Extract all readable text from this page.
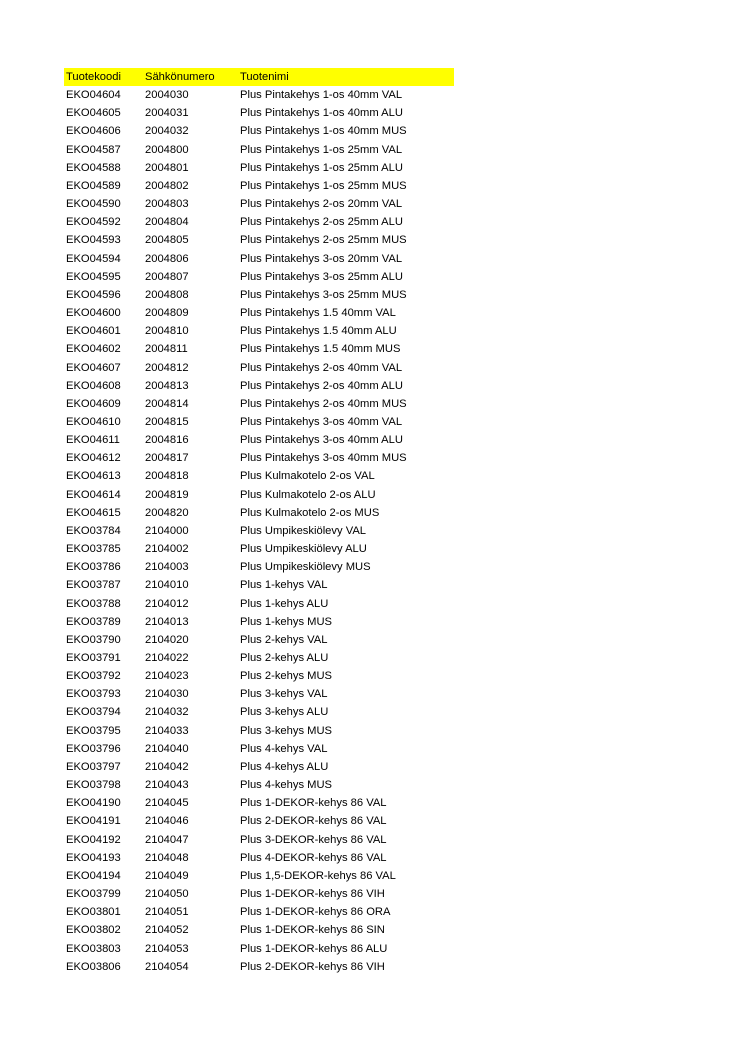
Tuotekoodi	Sähkönumero	Tuotenimi
EKO04604	2004030	Plus Pintakehys 1-os 40mm VAL
EKO04605	2004031	Plus Pintakehys 1-os 40mm ALU
EKO04606	2004032	Plus Pintakehys 1-os 40mm MUS
EKO04587	2004800	Plus Pintakehys 1-os 25mm VAL
EKO04588	2004801	Plus Pintakehys 1-os 25mm ALU
EKO04589	2004802	Plus Pintakehys 1-os 25mm MUS
EKO04590	2004803	Plus Pintakehys 2-os 20mm VAL
EKO04592	2004804	Plus Pintakehys 2-os 25mm ALU
EKO04593	2004805	Plus Pintakehys 2-os 25mm MUS
EKO04594	2004806	Plus Pintakehys 3-os 20mm VAL
EKO04595	2004807	Plus Pintakehys 3-os 25mm ALU
EKO04596	2004808	Plus Pintakehys 3-os 25mm MUS
EKO04600	2004809	Plus Pintakehys 1.5 40mm VAL
EKO04601	2004810	Plus Pintakehys 1.5 40mm ALU
EKO04602	2004811	Plus Pintakehys 1.5 40mm MUS
EKO04607	2004812	Plus Pintakehys 2-os 40mm VAL
EKO04608	2004813	Plus Pintakehys 2-os 40mm ALU
EKO04609	2004814	Plus Pintakehys 2-os 40mm MUS
EKO04610	2004815	Plus Pintakehys 3-os 40mm VAL
EKO04611	2004816	Plus Pintakehys 3-os 40mm ALU
EKO04612	2004817	Plus Pintakehys 3-os 40mm MUS
EKO04613	2004818	Plus Kulmakotelo 2-os VAL
EKO04614	2004819	Plus Kulmakotelo 2-os ALU
EKO04615	2004820	Plus Kulmakotelo 2-os MUS
EKO03784	2104000	Plus Umpikeskiölevy VAL
EKO03785	2104002	Plus Umpikeskiölevy ALU
EKO03786	2104003	Plus Umpikeskiölevy MUS
EKO03787	2104010	Plus 1-kehys VAL
EKO03788	2104012	Plus 1-kehys ALU
EKO03789	2104013	Plus 1-kehys MUS
EKO03790	2104020	Plus 2-kehys VAL
EKO03791	2104022	Plus 2-kehys ALU
EKO03792	2104023	Plus 2-kehys MUS
EKO03793	2104030	Plus 3-kehys VAL
EKO03794	2104032	Plus 3-kehys ALU
EKO03795	2104033	Plus 3-kehys MUS
EKO03796	2104040	Plus 4-kehys VAL
EKO03797	2104042	Plus 4-kehys ALU
EKO03798	2104043	Plus 4-kehys MUS
EKO04190	2104045	Plus 1-DEKOR-kehys 86 VAL
EKO04191	2104046	Plus 2-DEKOR-kehys 86 VAL
EKO04192	2104047	Plus 3-DEKOR-kehys 86 VAL
EKO04193	2104048	Plus 4-DEKOR-kehys 86 VAL
EKO04194	2104049	Plus 1,5-DEKOR-kehys 86 VAL
EKO03799	2104050	Plus 1-DEKOR-kehys 86 VIH
EKO03801	2104051	Plus 1-DEKOR-kehys 86 ORA
EKO03802	2104052	Plus 1-DEKOR-kehys 86 SIN
EKO03803	2104053	Plus 1-DEKOR-kehys 86 ALU
EKO03806	2104054	Plus 2-DEKOR-kehys 86 VIH
